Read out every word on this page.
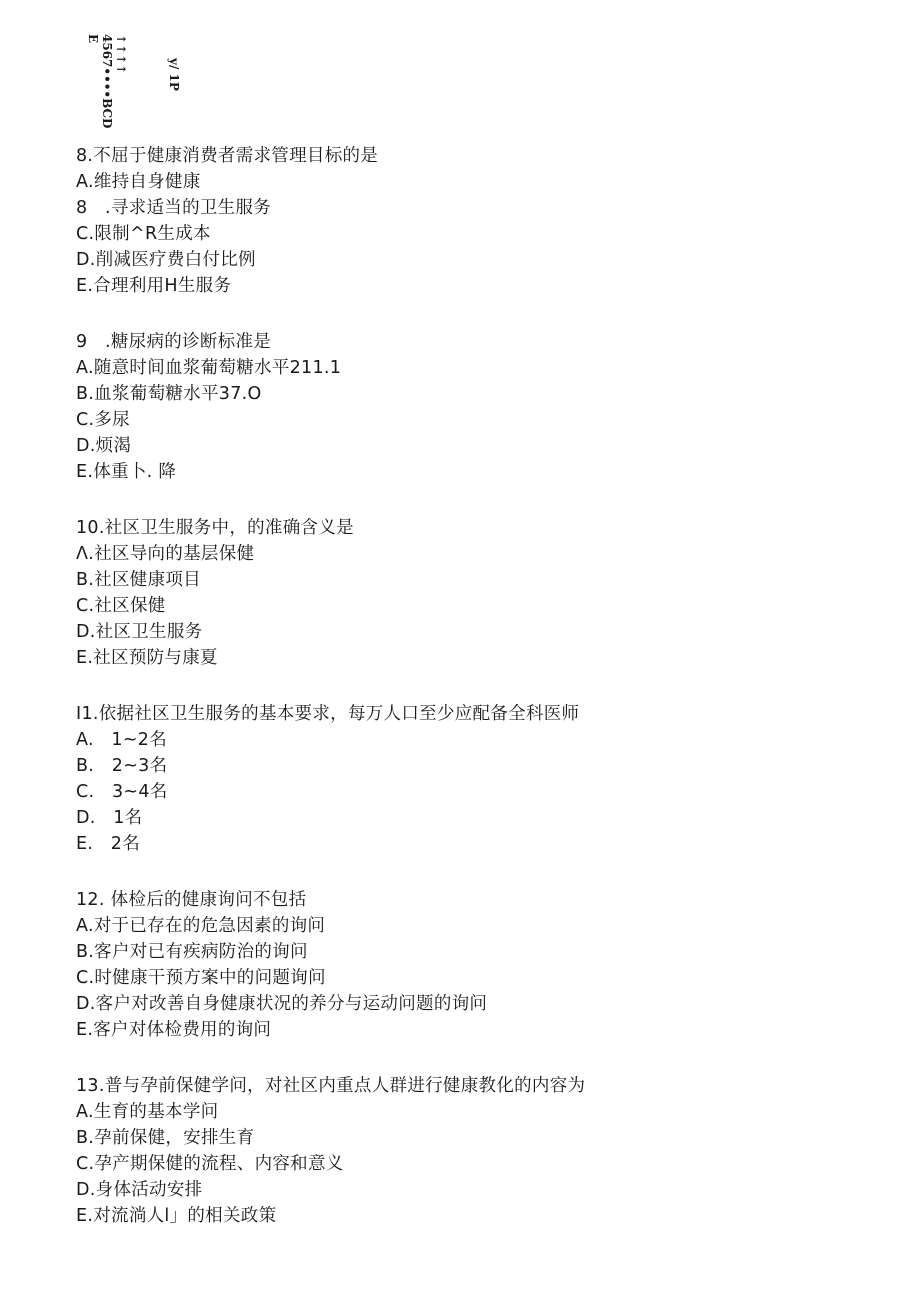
↑↑↑↑
4567••••BCD
E
y/ 1P
8.不屈于健康消费者需求管理目标的是
A.维持自身健康
8   .寻求适当的卫生服务
C.限制^R生成本
D.削减医疗费白付比例
E.合理利用H生服务
9   .糖尿病的诊断标准是
A.随意时间血浆葡萄糖水平211.1
B.血浆葡萄糖水平37.O
C.多尿
D.烦渴
E.体重卜. 降
10.社区卫生服务中，的准确含义是
Λ.社区导向的基层保健
B.社区健康项目
C.社区保健
D.社区卫生服务
E.社区预防与康夏
I1.依据社区卫生服务的基本要求，每万人口至少应配备全科医师
A.   1~2名
B.   2~3名
C.   3~4名
D.   1名
E.   2名
12. 体检后的健康询问不包括
A.对于已存在的危急因素的询问
B.客户对已有疾病防治的询问
C.时健康干预方案中的问题询问
D.客户对改善自身健康状况的养分与运动问题的询问
E.客户对体检费用的询问
13.普与孕前保健学问，对社区内重点人群进行健康教化的内容为
A.生育的基本学问
B.孕前保健，安排生育
C.孕产期保健的流程、内容和意义
D.身体活动安排
E.对流淌人l」的相关政策
